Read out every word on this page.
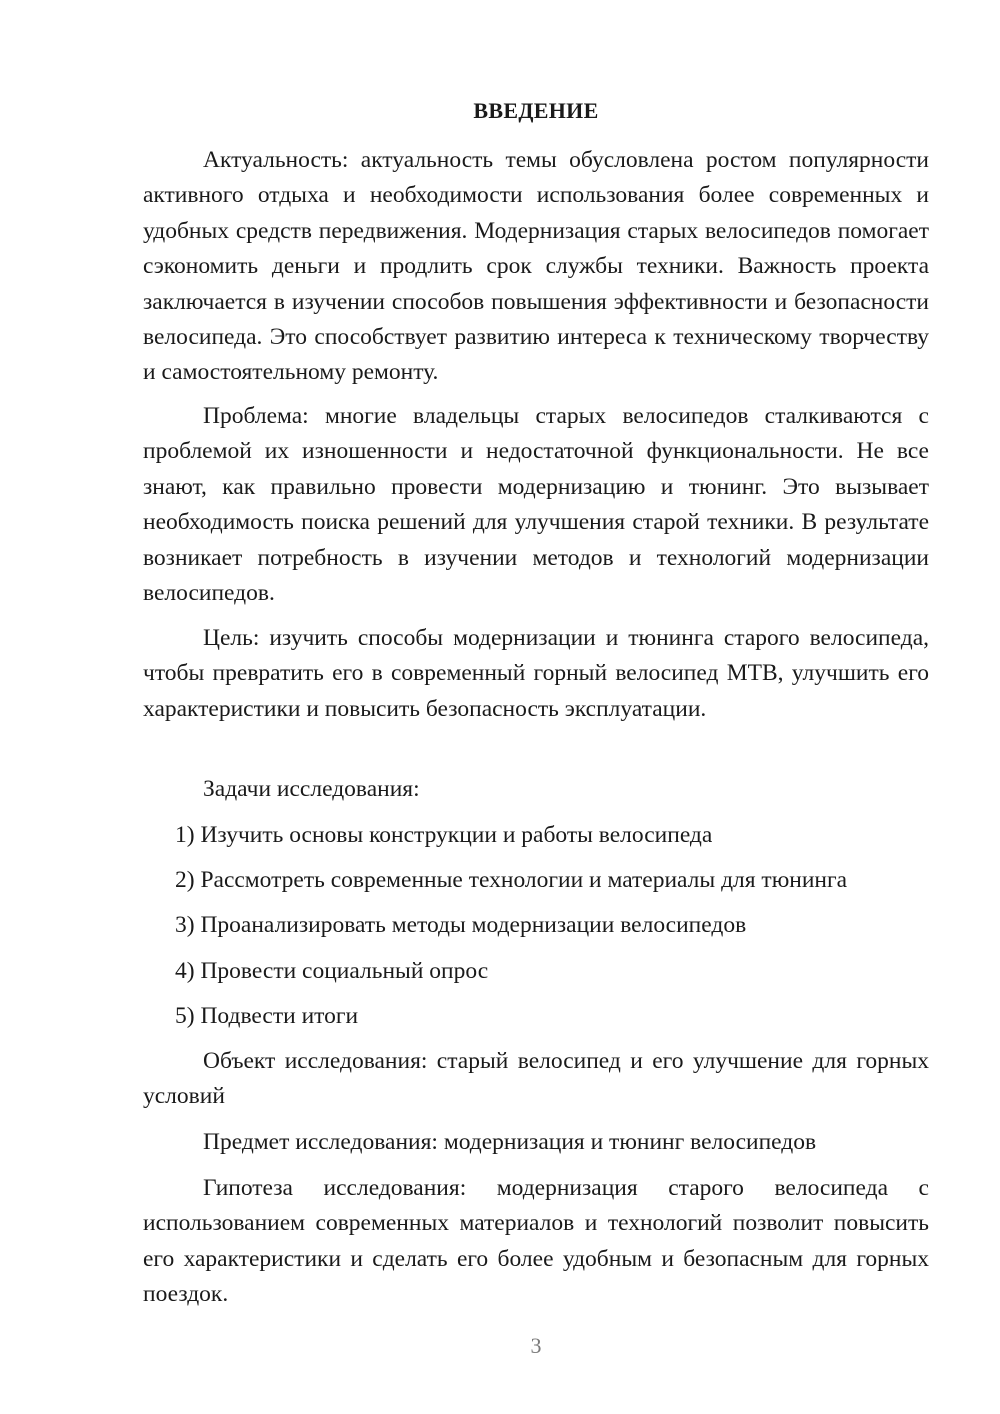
ВВЕДЕНИЕ

Актуальность: актуальность темы обусловлена ростом популярности активного отдыха и необходимости использования более современных и удобных средств передвижения. Модернизация старых велосипедов помогает сэкономить деньги и продлить срок службы техники. Важность проекта заключается в изучении способов повышения эффективности и безопасности велосипеда. Это способствует развитию интереса к техническому творчеству и самостоятельному ремонту.

Проблема: многие владельцы старых велосипедов сталкиваются с проблемой их изношенности и недостаточной функциональности. Не все знают, как правильно провести модернизацию и тюнинг. Это вызывает необходимость поиска решений для улучшения старой техники. В результате возникает потребность в изучении методов и технологий модернизации велосипедов.

Цель: изучить способы модернизации и тюнинга старого велосипеда, чтобы превратить его в современный горный велосипед МТВ, улучшить его характеристики и повысить безопасность эксплуатации.

Задачи исследования:

1) Изучить основы конструкции и работы велосипеда

2) Рассмотреть современные технологии и материалы для тюнинга

3) Проанализировать методы модернизации велосипедов

4) Провести социальный опрос

5) Подвести итоги

Объект исследования: старый велосипед и его улучшение для горных условий

Предмет исследования: модернизация и тюнинг велосипедов

Гипотеза исследования: модернизация старого велосипеда с использованием современных материалов и технологий позволит повысить его характеристики и сделать его более удобным и безопасным для горных поездок.

3
